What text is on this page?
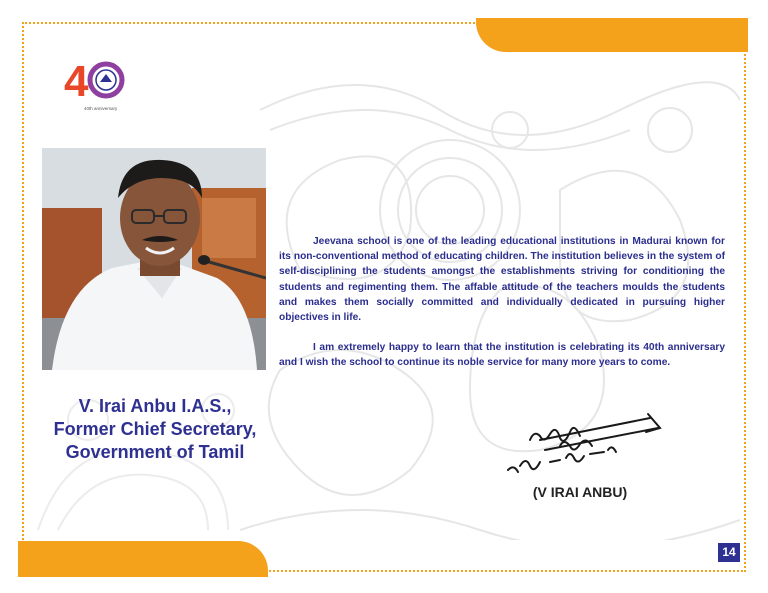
4	0
40th anniversary
V. Irai Anbu I.A.S.,
Former Chief Secretary,
Government of Tamil

Jeevana school is one of the leading educational institutions in Madurai known for its non-conventional method of educating children. The institution believes in the system of self-disciplining the students amongst the establishments striving for conditioning the students and regimenting them. The affable attitude of the teachers moulds the students and makes them socially committed and individually dedicated in pursuing higher objectives in life.

I am extremely happy to learn that the institution is celebrating its 40th anniversary and I wish the school to continue its noble service for many more years to come.

(V IRAI ANBU)
14
